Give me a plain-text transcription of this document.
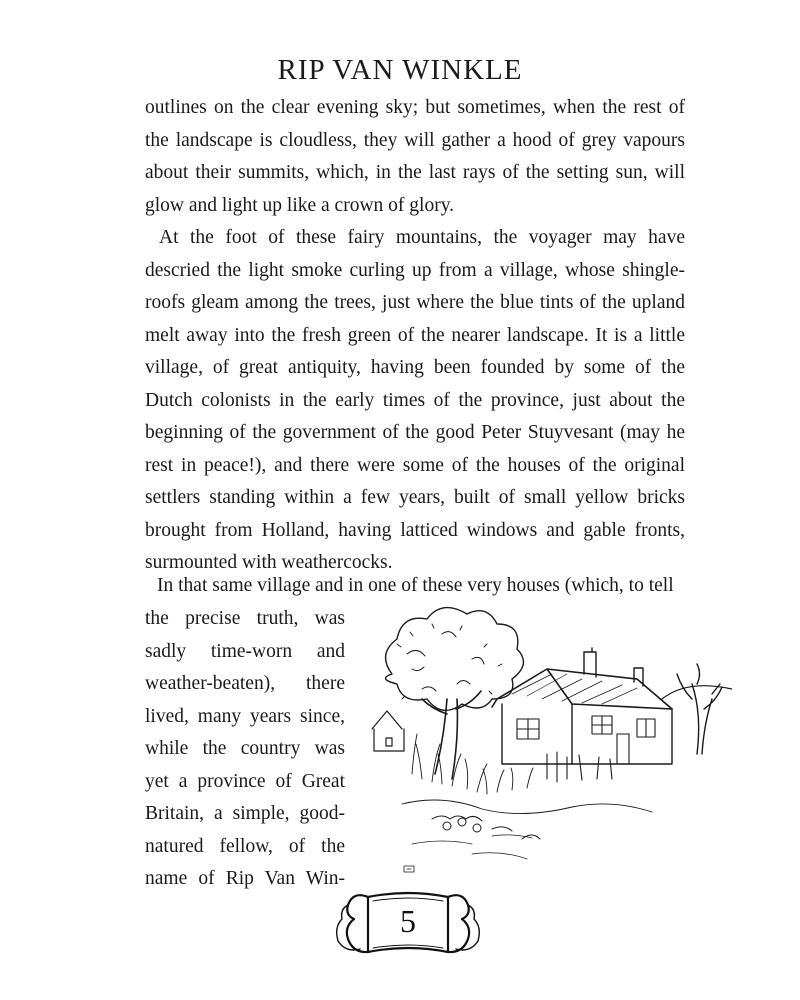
RIP VAN WINKLE

outlines on the clear evening sky; but sometimes, when the rest of the landscape is cloudless, they will gather a hood of grey vapours about their summits, which, in the last rays of the setting sun, will glow and light up like a crown of glory.

At the foot of these fairy mountains, the voyager may have descried the light smoke curling up from a village, whose shingle-roofs gleam among the trees, just where the blue tints of the upland melt away into the fresh green of the nearer landscape. It is a little village, of great antiquity, having been founded by some of the Dutch colonists in the early times of the province, just about the beginning of the government of the good Peter Stuyvesant (may he rest in peace!), and there were some of the houses of the original settlers standing within a few years, built of small yellow bricks brought from Holland, having latticed windows and gable fronts, surmounted with weathercocks.

In that same village and in one of these very houses (which, to tell
the precise truth, was
sadly time-worn and
weather-beaten), there
lived, many years since,
while the country was
yet a province of Great
Britain, a simple, good-
natured fellow, of the
name of Rip Van Win-
5
